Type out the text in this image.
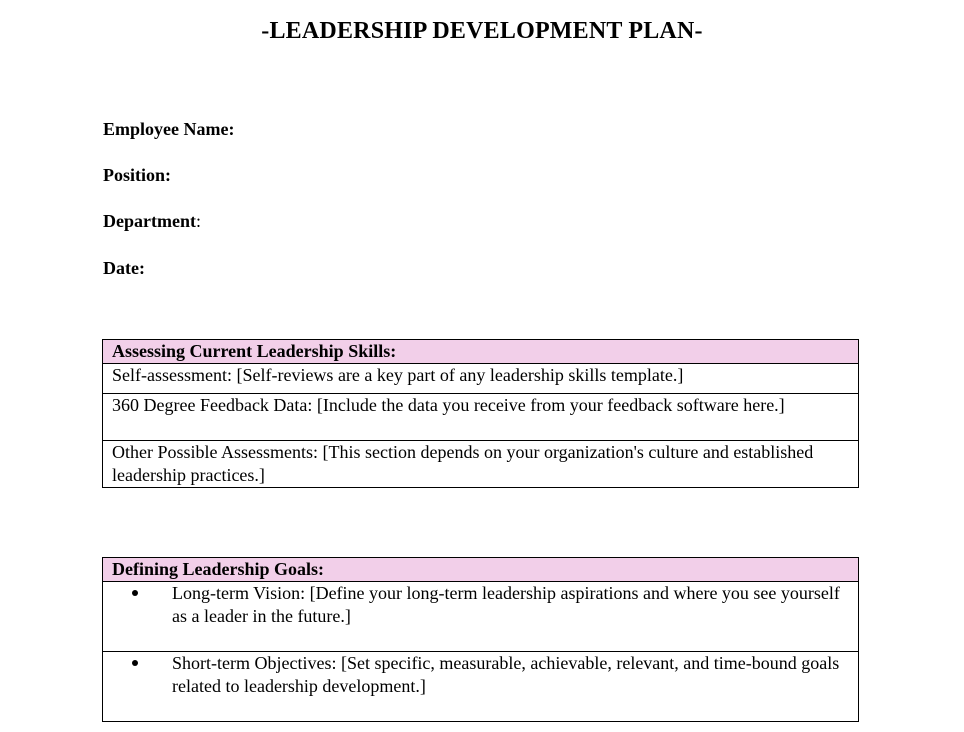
-LEADERSHIP DEVELOPMENT PLAN-
Employee Name:
Position:
Department:
Date:
Assessing Current Leadership Skills:
Self-assessment: [Self-reviews are a key part of any leadership skills template.]
360 Degree Feedback Data: [Include the data you receive from your feedback software here.]
Other Possible Assessments: [This section depends on your organization's culture and established leadership practices.]
Defining Leadership Goals:

Long-term Vision: [Define your long-term leadership aspirations and where you see yourself as a leader in the future.]

Short-term Objectives: [Set specific, measurable, achievable, relevant, and time-bound goals related to leadership development.]
